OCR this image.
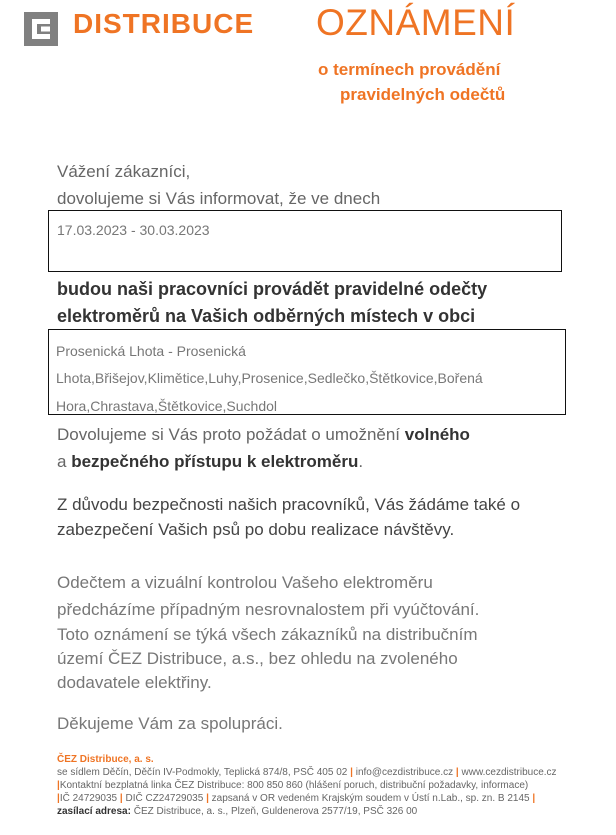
DISTRIBUCE OZNÁMENÍ
o termínech provádění
pravidelných odečtů
Vážení zákazníci,
dovolujeme si Vás informovat, že ve dnech
17.03.2023 - 30.03.2023
budou naši pracovníci provádět pravidelné odečty
elektroměrů na Vašich odběrných místech v obci
Prosenická Lhota - Prosenická
Lhota,Břišejov,Klimětice,Luhy,Prosenice,Sedlečko,Štětkovice,Bořená
Hora,Chrastava,Štětkovice,Suchdol
Dovolujeme si Vás proto požádat o umožnění volného
a bezpečného přístupu k elektroměru.
Z důvodu bezpečnosti našich pracovníků, Vás žádáme také o
zabezpečení Vašich psů po dobu realizace návštěvy.
Odečtem a vizuální kontrolou Vašeho elektroměru
předcházíme případným nesrovnalostem při vyúčtování.
Toto oznámení se týká všech zákazníků na distribučním
území ČEZ Distribuce, a.s., bez ohledu na zvoleného
dodavatele elektřiny.
Děkujeme Vám za spolupráci.
ČEZ Distribuce, a. s.
se sídlem Děčín, Děčín IV-Podmokly, Teplická 874/8, PSČ 405 02 | info@cezdistribuce.cz | www.cezdistribuce.cz
|Kontaktní bezplatná linka ČEZ Distribuce: 800 850 860 (hlášení poruch, distribuční požadavky, informace)
|IČ 24729035 | DIČ CZ24729035 | zapsaná v OR vedeném Krajským soudem v Ústí n.Lab., sp. zn. B 2145 |
zasílací adresa: ČEZ Distribuce, a. s., Plzeň, Guldenerova 2577/19, PSČ 326 00
